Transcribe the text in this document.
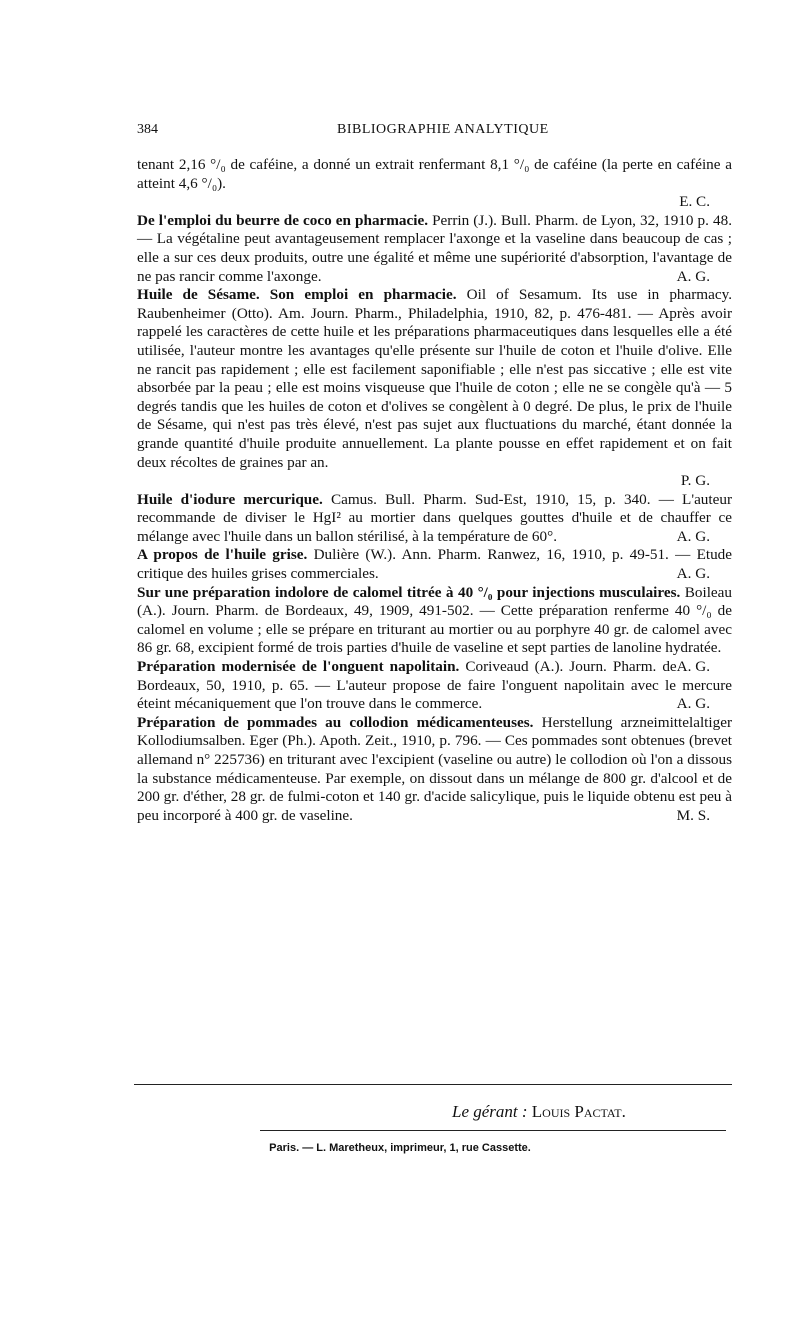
384	BIBLIOGRAPHIE ANALYTIQUE

tenant 2,16 °/₀ de caféine, a donné un extrait renfermant 8,1 °/₀ de caféine (la perte en caféine a atteint 4,6 °/₀).
E. C.

De l'emploi du beurre de coco en pharmacie. Perrin (J.). Bull. Pharm. de Lyon, 32, 1910 p. 48. — La végétaline peut avantageusement remplacer l'axonge et la vaseline dans beaucoup de cas ; elle a sur ces deux produits, outre une égalité et même une supériorité d'absorption, l'avantage de ne pas rancir comme l'axonge.	A. G.

Huile de Sésame. Son emploi en pharmacie. Oil of Sesamum. Its use in pharmacy. Raubenheimer (Otto). Am. Journ. Pharm., Philadelphia, 1910, 82, p. 476-481. — Après avoir rappelé les caractères de cette huile et les préparations pharmaceutiques dans lesquelles elle a été utilisée, l'auteur montre les avantages qu'elle présente sur l'huile de coton et l'huile d'olive. Elle ne rancit pas rapidement ; elle est facilement saponifiable ; elle n'est pas siccative ; elle est vite absorbée par la peau ; elle est moins visqueuse que l'huile de coton ; elle ne se congèle qu'à — 5 degrés tandis que les huiles de coton et d'olives se congèlent à 0 degré. De plus, le prix de l'huile de Sésame, qui n'est pas très élevé, n'est pas sujet aux fluctuations du marché, étant donnée la grande quantité d'huile produite annuellement. La plante pousse en effet rapidement et on fait deux récoltes de graines par an.
P. G.

Huile d'iodure mercurique. Camus. Bull. Pharm. Sud-Est, 1910, 15, p. 340. — L'auteur recommande de diviser le HgI² au mortier dans quelques gouttes d'huile et de chauffer ce mélange avec l'huile dans un ballon stérilisé, à la température de 60°.	A. G.

A propos de l'huile grise. Dulière (W.). Ann. Pharm. Ranwez, 16, 1910, p. 49-51. — Etude critique des huiles grises commerciales.	A. G.

Sur une préparation indolore de calomel titrée à 40 °/₀ pour injections musculaires. Boileau (A.). Journ. Pharm. de Bordeaux, 49, 1909, 491-502. — Cette préparation renferme 40 °/₀ de calomel en volume ; elle se prépare en triturant au mortier ou au porphyre 40 gr. de calomel avec 86 gr. 68, excipient formé de trois parties d'huile de vaseline et sept parties de lanoline hydratée.
A. G.

Préparation modernisée de l'onguent napolitain. Coriveaud (A.). Journ. Pharm. de Bordeaux, 50, 1910, p. 65. — L'auteur propose de faire l'onguent napolitain avec le mercure éteint mécaniquement que l'on trouve dans le commerce.	A. G.

Préparation de pommades au collodion médicamenteuses. Herstellung arzneimittelaltiger Kollodiumsalben. Eger (Ph.). Apoth. Zeit., 1910, p. 796. — Ces pommades sont obtenues (brevet allemand n° 225736) en triturant avec l'excipient (vaseline ou autre) le collodion où l'on a dissous la substance médicamenteuse. Par exemple, on dissout dans un mélange de 800 gr. d'alcool et de 200 gr. d'éther, 28 gr. de fulmi-coton et 140 gr. d'acide salicylique, puis le liquide obtenu est peu à peu incorporé à 400 gr. de vaseline.	M. S.

Le gérant : Louis Pactat.
Paris. — L. Maretheux, imprimeur, 1, rue Cassette.
